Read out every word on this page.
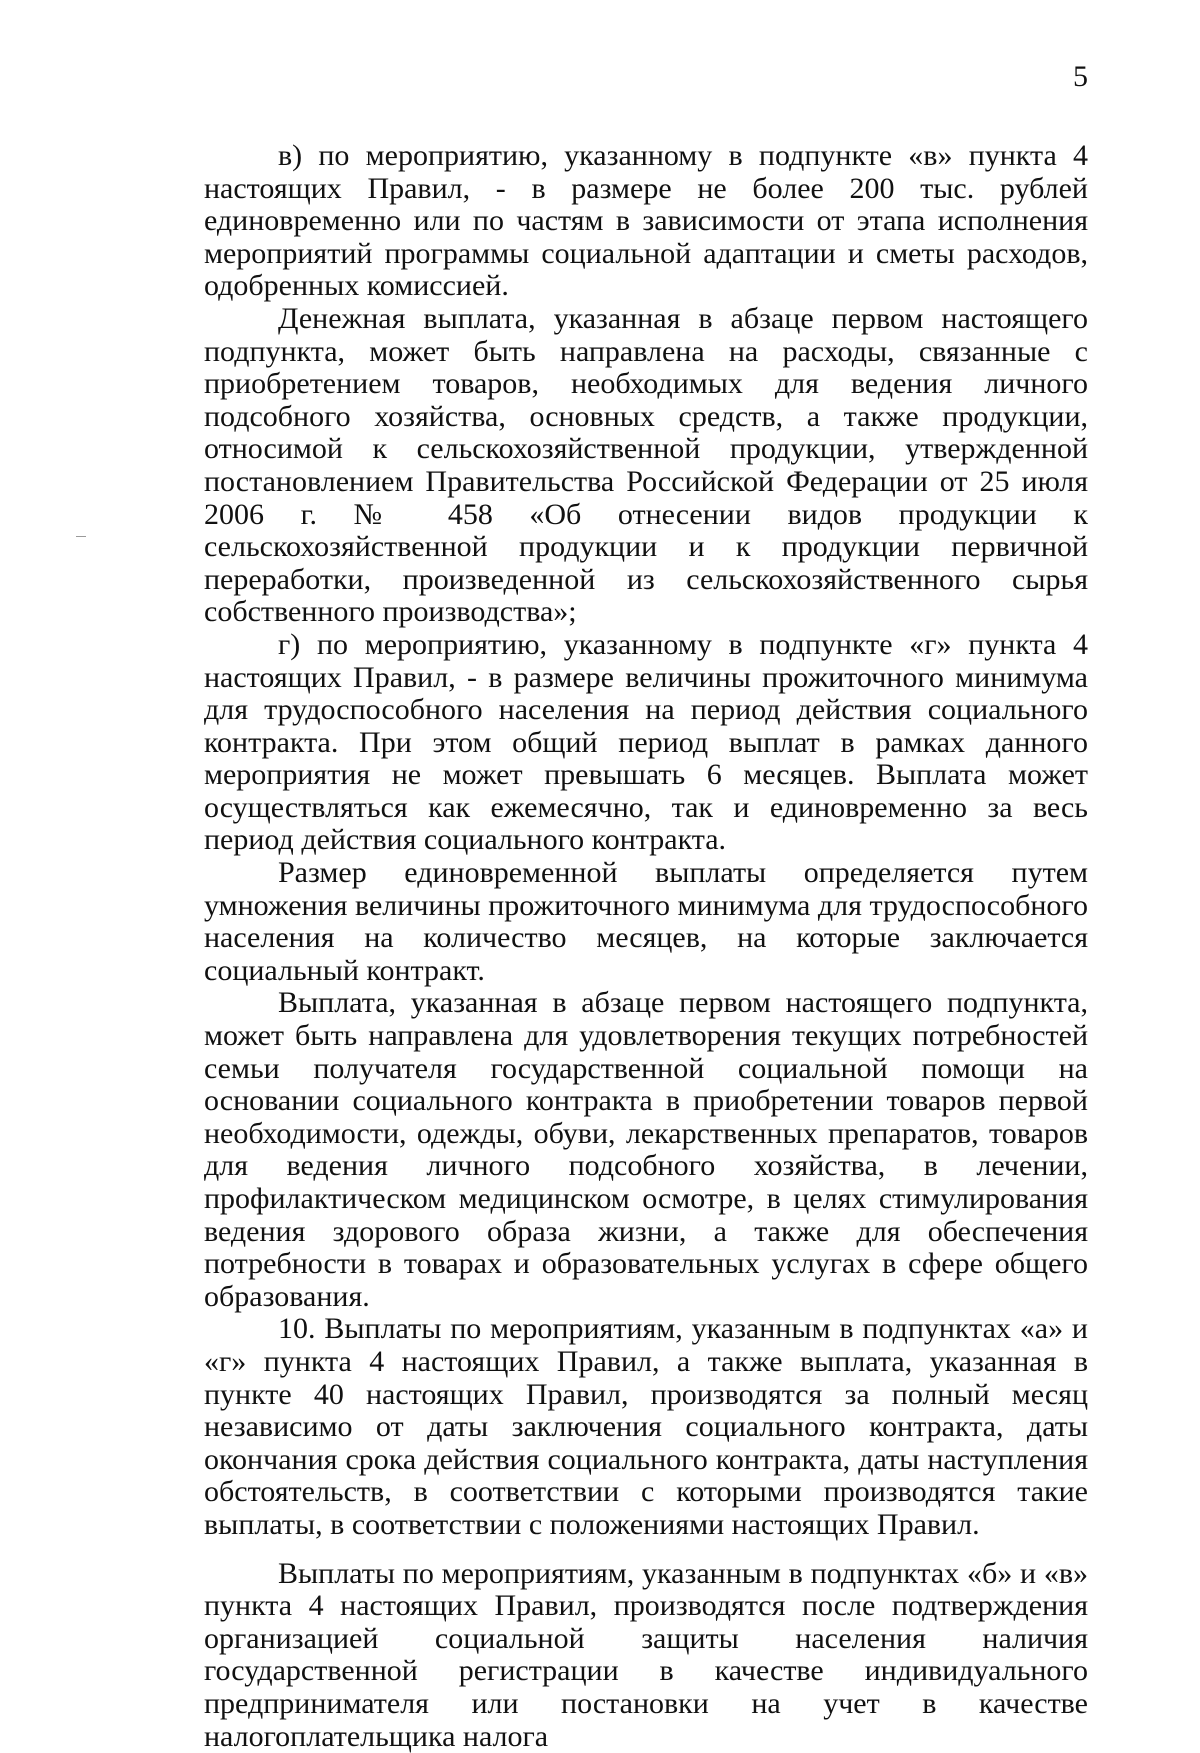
5

в) по мероприятию, указанному в подпункте «в» пункта 4 настоящих Правил, - в размере не более 200 тыс. рублей единовременно или по частям в зависимости от этапа исполнения мероприятий программы социальной адаптации и сметы расходов, одобренных комиссией.

Денежная выплата, указанная в абзаце первом настоящего подпункта, может быть направлена на расходы, связанные с приобретением товаров, необходимых для ведения личного подсобного хозяйства, основных средств, а также продукции, относимой к сельскохозяйственной продукции, утвержденной постановлением Правительства Российской Федерации от 25 июля 2006 г. № 458 «Об отнесении видов продукции к сельскохозяйственной продукции и к продукции первичной переработки, произведенной из сельскохозяйственного сырья собственного производства»;

г) по мероприятию, указанному в подпункте «г» пункта 4 настоящих Правил, - в размере величины прожиточного минимума для трудоспособного населения на период действия социального контракта. При этом общий период выплат в рамках данного мероприятия не может превышать 6 месяцев. Выплата может осуществляться как ежемесячно, так и единовременно за весь период действия социального контракта.

Размер единовременной выплаты определяется путем умножения величины прожиточного минимума для трудоспособного населения на количество месяцев, на которые заключается социальный контракт.

Выплата, указанная в абзаце первом настоящего подпункта, может быть направлена для удовлетворения текущих потребностей семьи получателя государственной социальной помощи на основании социального контракта в приобретении товаров первой необходимости, одежды, обуви, лекарственных препаратов, товаров для ведения личного подсобного хозяйства, в лечении, профилактическом медицинском осмотре, в целях стимулирования ведения здорового образа жизни, а также для обеспечения потребности в товарах и образовательных услугах в сфере общего образования.

10. Выплаты по мероприятиям, указанным в подпунктах «а» и «г» пункта 4 настоящих Правил, а также выплата, указанная в пункте 40 настоящих Правил, производятся за полный месяц независимо от даты заключения социального контракта, даты окончания срока действия социального контракта, даты наступления обстоятельств, в соответствии с которыми производятся такие выплаты, в соответствии с положениями настоящих Правил.

Выплаты по мероприятиям, указанным в подпунктах «б» и «в» пункта 4 настоящих Правил, производятся после подтверждения организацией социальной защиты населения наличия государственной регистрации в качестве индивидуального предпринимателя или постановки на учет в качестве налогоплательщика налога
